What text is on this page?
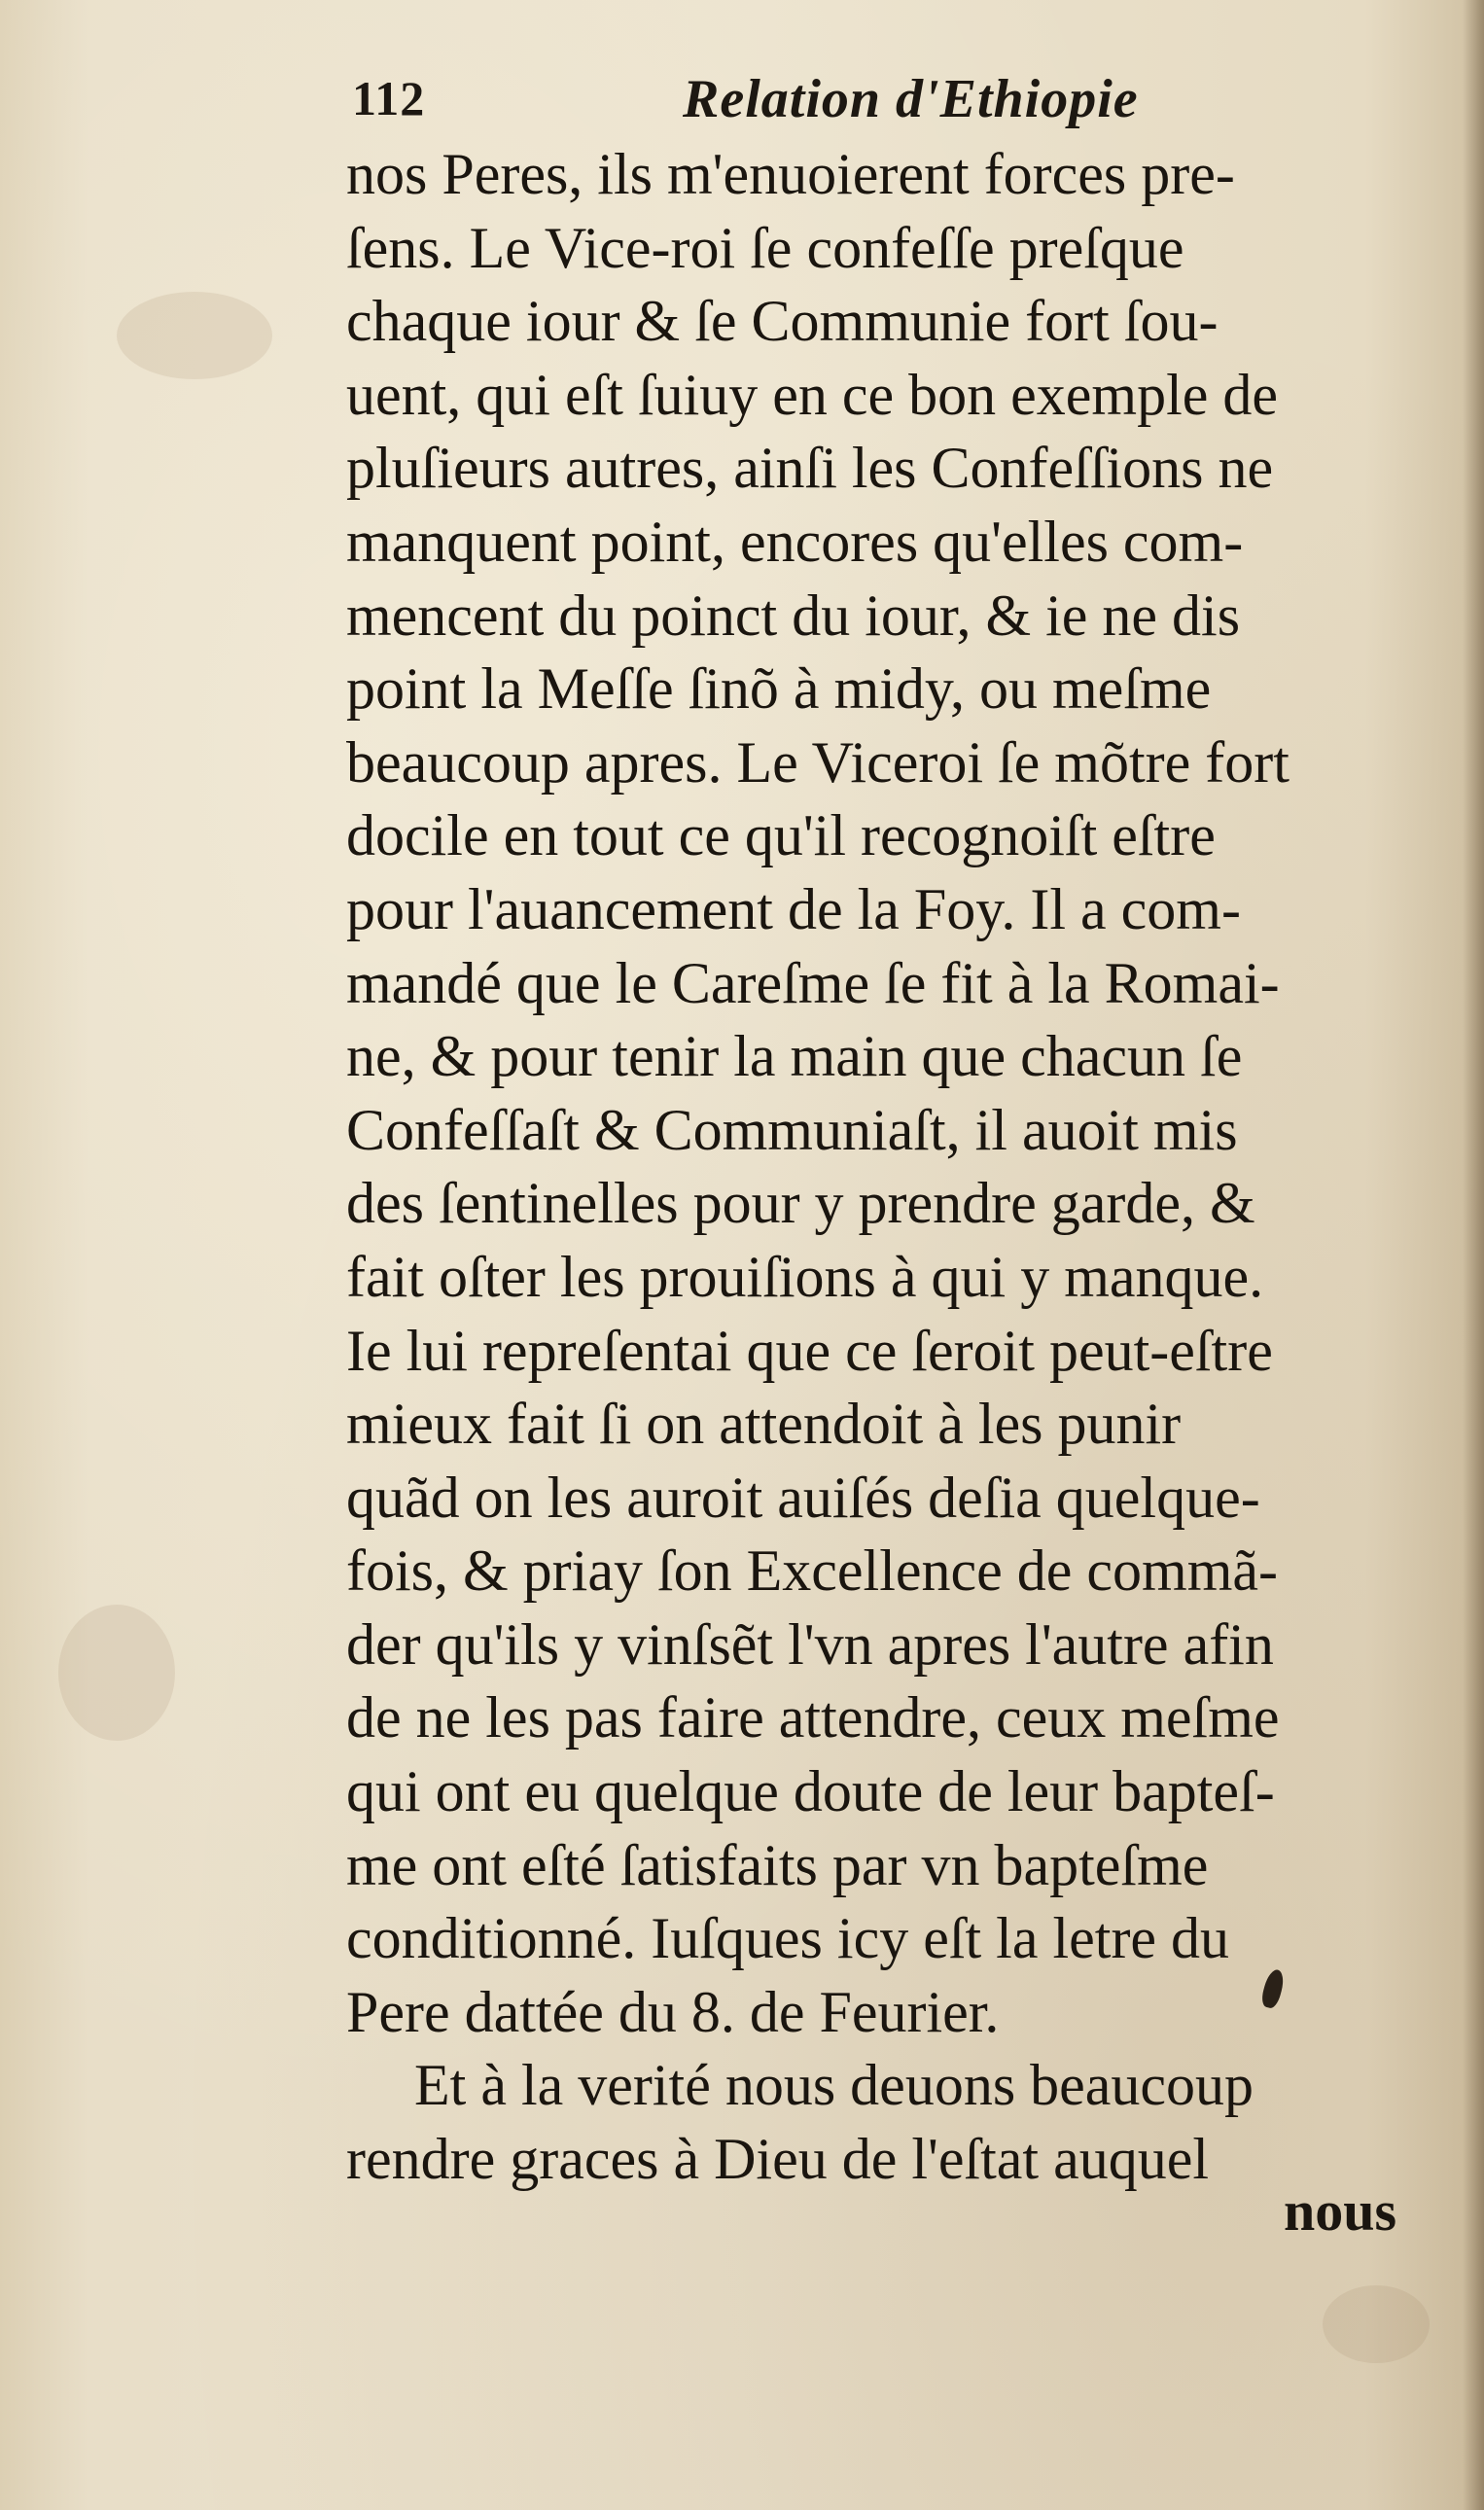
112	Relation d'Ethiopie
nos Peres, ils m'enuoierent forces pre-
ſens. Le Vice-roi ſe confeſſe preſque
chaque iour & ſe Communie fort ſou-
uent, qui eſt ſuiuy en ce bon exemple de
pluſieurs autres, ainſi les Confeſſions ne
manquent point, encores qu'elles com-
mencent du poinct du iour, & ie ne dis
point la Meſſe ſinõ à midy, ou meſme
beaucoup apres. Le Viceroi ſe mõtre fort
docile en tout ce qu'il recognoiſt eſtre
pour l'auancement de la Foy. Il a com-
mandé que le Careſme ſe fit à la Romai-
ne, & pour tenir la main que chacun ſe
Confeſſaſt & Communiaſt, il auoit mis
des ſentinelles pour y prendre garde, &
fait oſter les prouiſions à qui y manque.
Ie lui repreſentai que ce ſeroit peut-eſtre
mieux fait ſi on attendoit à les punir
quãd on les auroit auiſés deſia quelque-
fois, & priay ſon Excellence de commã-
der qu'ils y vinſsẽt l'vn apres l'autre afin
de ne les pas faire attendre, ceux meſme
qui ont eu quelque doute de leur bapteſ-
me ont eſté ſatisfaits par vn bapteſme
conditionné. Iuſques icy eſt la letre du
Pere dattée du 8. de Feurier.
Et à la verité nous deuons beaucoup
rendre graces à Dieu de l'eſtat auquel
nous
